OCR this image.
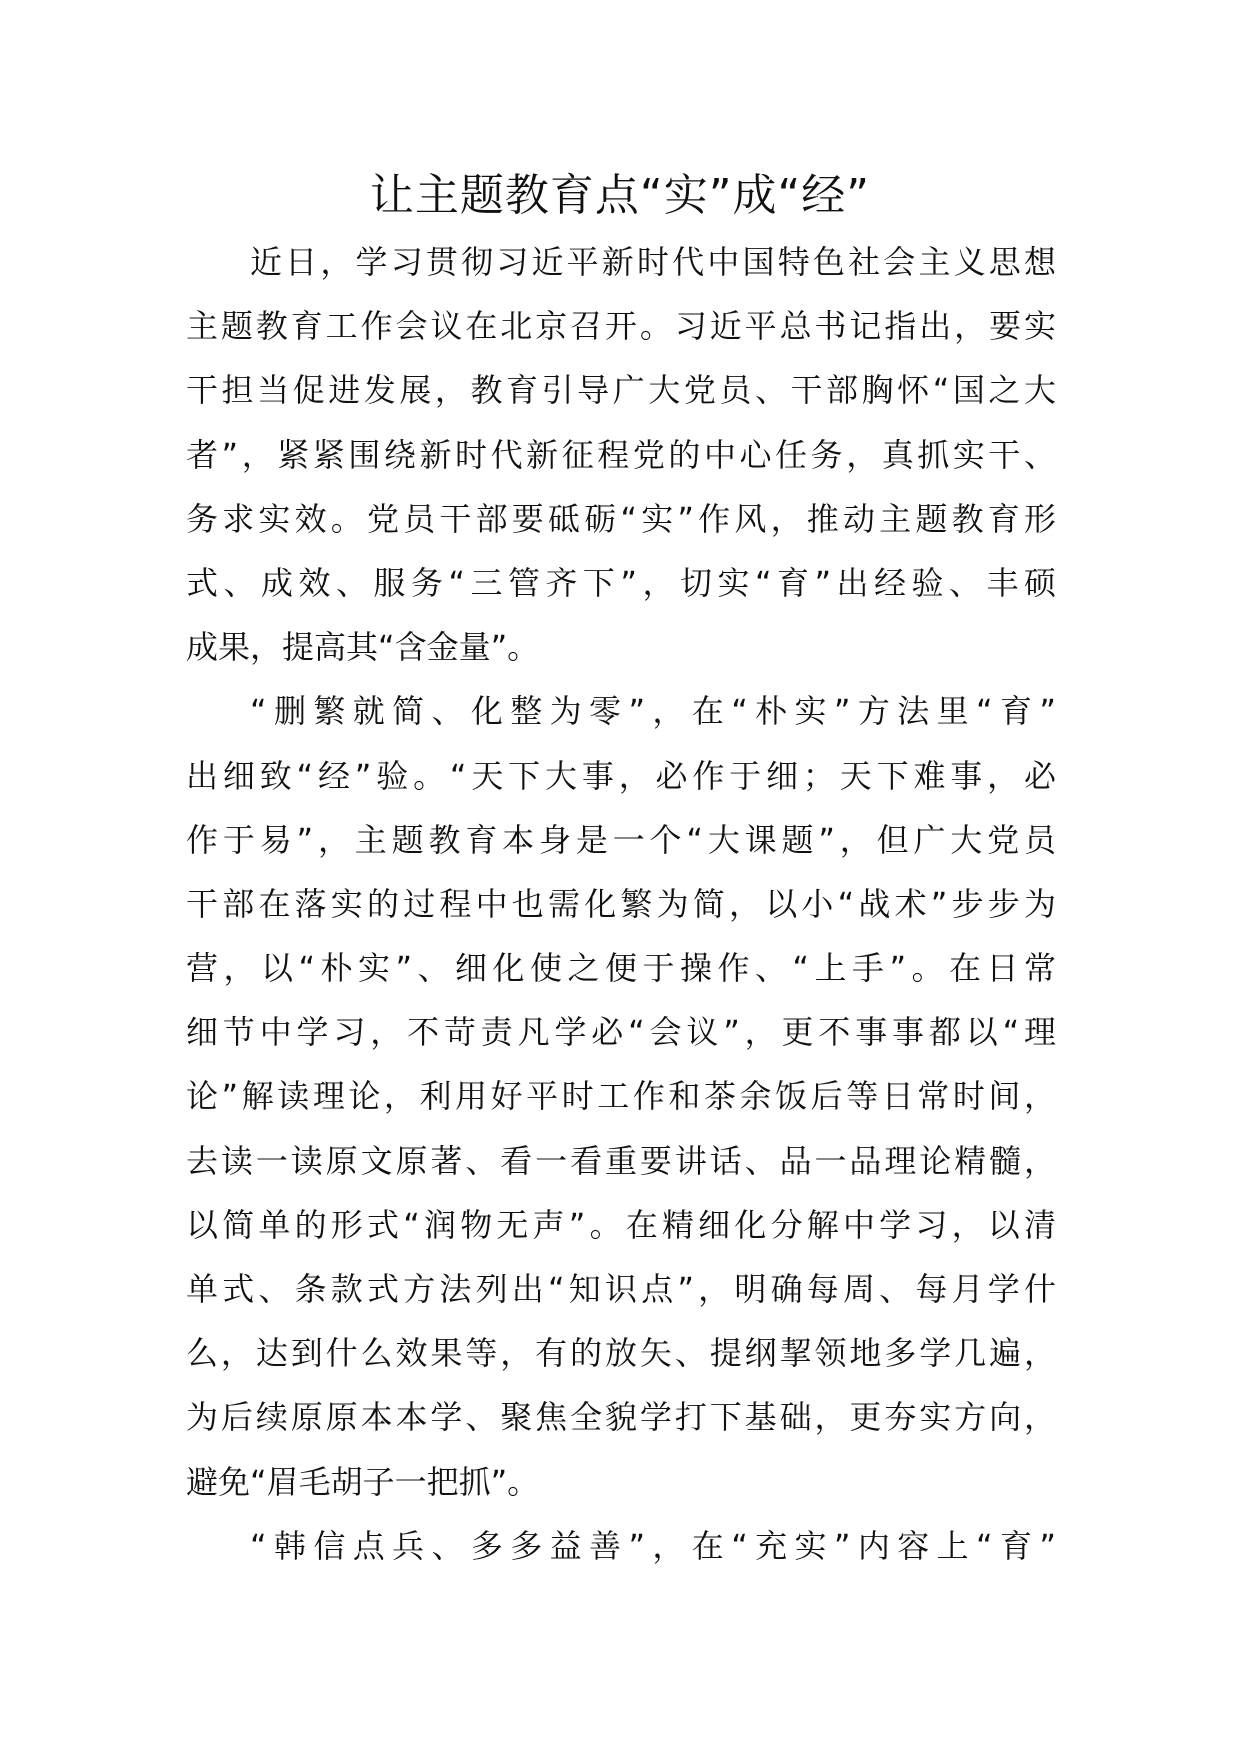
让主题教育点“实”成“经”
近日，学习贯彻习近平新时代中国特色社会主义思想
主题教育工作会议在北京召开。习近平总书记指出，要实
干担当促进发展，教育引导广大党员、干部胸怀“国之大
者”，紧紧围绕新时代新征程党的中心任务，真抓实干、
务求实效。党员干部要砥砺“实”作风，推动主题教育形
式、成效、服务“三管齐下”，切实“育”出经验、丰硕
成果，提高其“含金量”。
“删繁就简、化整为零”，在“朴实”方法里“育”
出细致“经”验。“天下大事，必作于细；天下难事，必
作于易”，主题教育本身是一个“大课题”，但广大党员
干部在落实的过程中也需化繁为简，以小“战术”步步为
营，以“朴实”、细化使之便于操作、“上手”。在日常
细节中学习，不苛责凡学必“会议”，更不事事都以“理
论”解读理论，利用好平时工作和茶余饭后等日常时间，
去读一读原文原著、看一看重要讲话、品一品理论精髓，
以简单的形式“润物无声”。在精细化分解中学习，以清
单式、条款式方法列出“知识点”，明确每周、每月学什
么，达到什么效果等，有的放矢、提纲挈领地多学几遍，
为后续原原本本学、聚焦全貌学打下基础，更夯实方向，
避免“眉毛胡子一把抓”。
“韩信点兵、多多益善”，在“充实”内容上“育”
